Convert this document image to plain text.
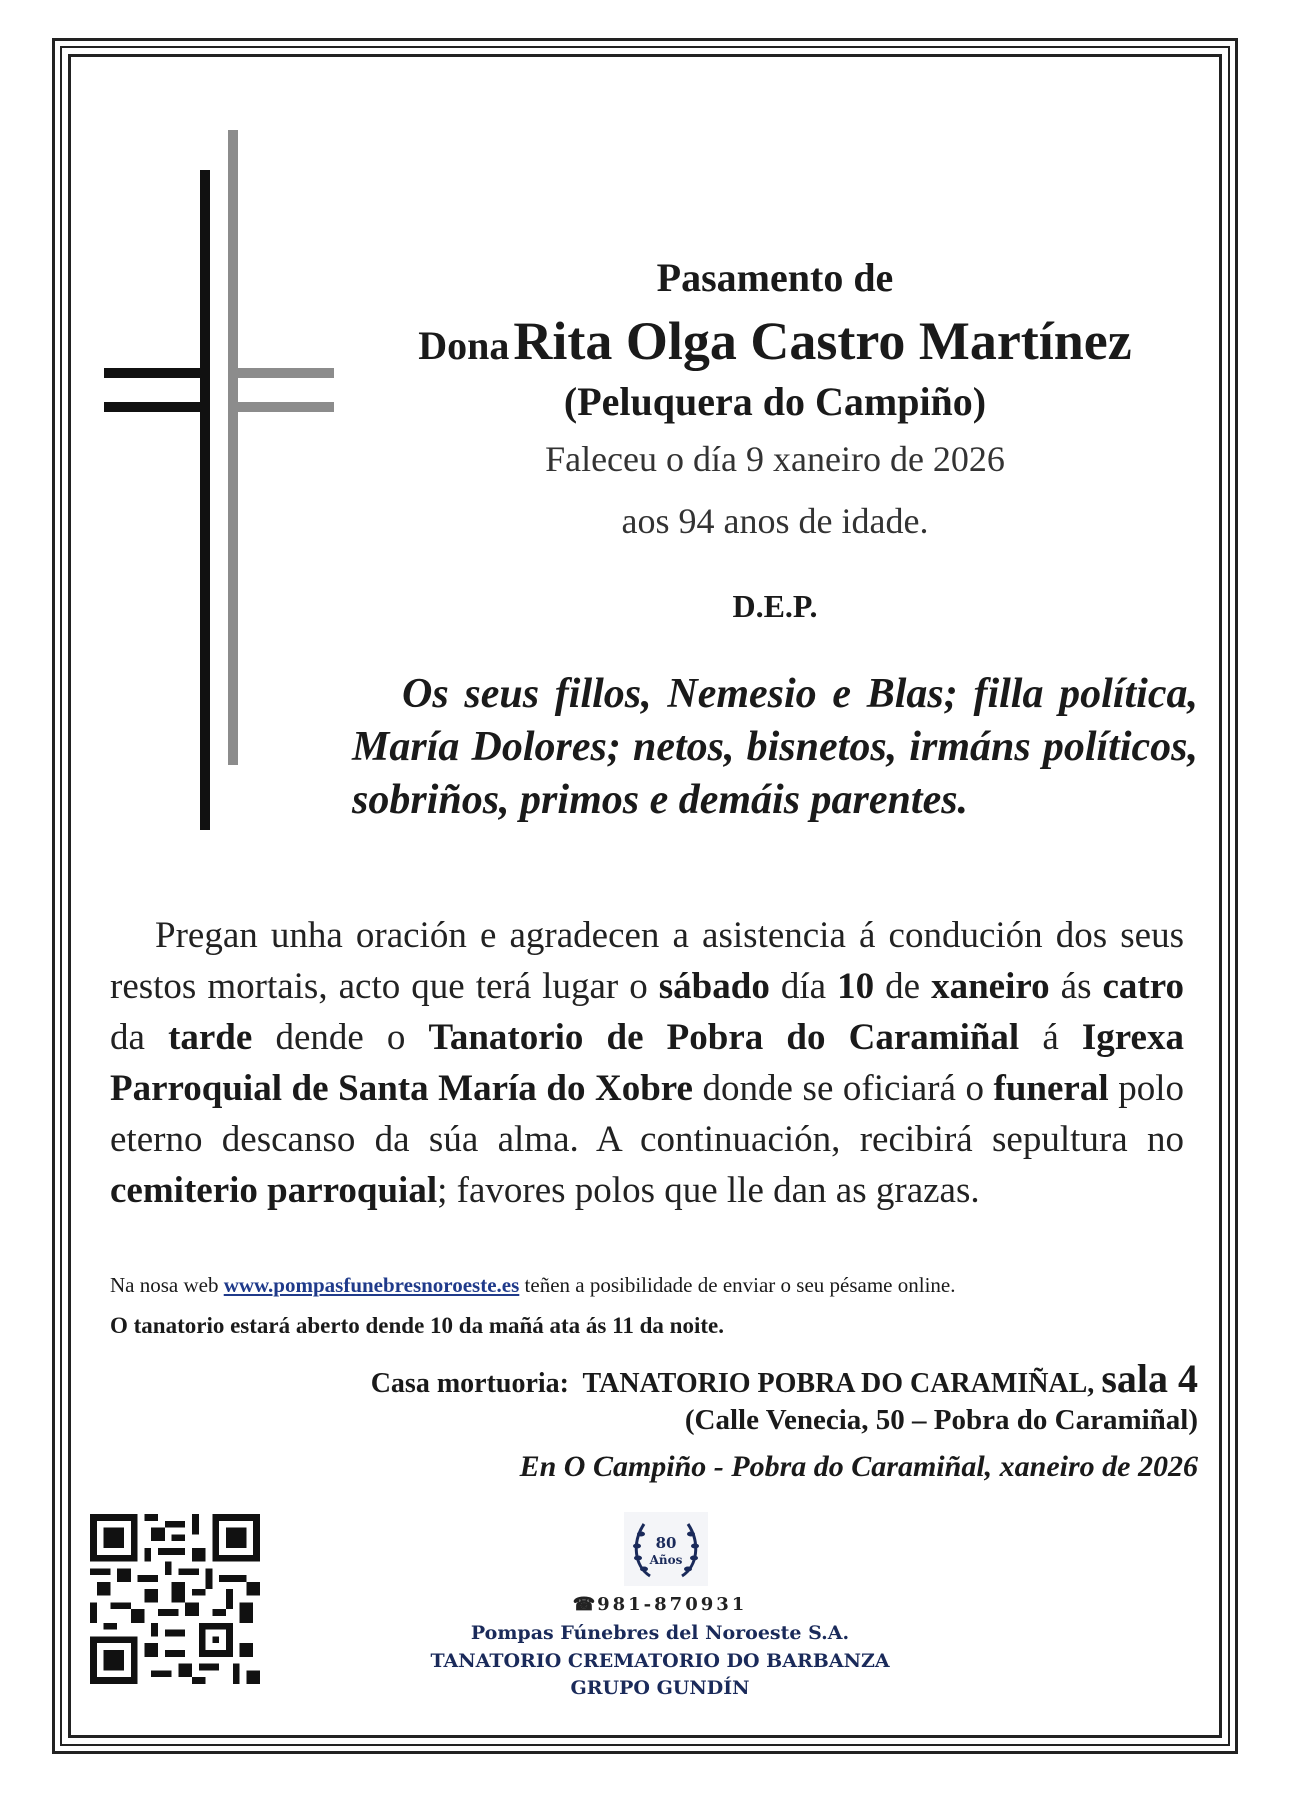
Pasamento de
Dona Rita Olga Castro Martínez
(Peluquera do Campiño)
Faleceu o día 9 xaneiro de 2026
aos 94 anos de idade.
D.E.P.
Os seus fillos, Nemesio e Blas; filla política, María Dolores; netos, bisnetos, irmáns políticos, sobriños, primos e demáis parentes.
Pregan unha oración e agradecen a asistencia á condución dos seus restos mortais, acto que terá lugar o sábado día 10 de xaneiro ás catro da tarde dende o Tanatorio de Pobra do Caramiñal á Igrexa Parroquial de Santa María do Xobre donde se oficiará o funeral polo eterno descanso da súa alma. A continuación, recibirá sepultura no cemiterio parroquial; favores polos que lle dan as grazas.
Na nosa web www.pompasfunebresnoroeste.es teñen a posibilidade de enviar o seu pésame online.
O tanatorio estará aberto dende 10 da mañá ata ás 11 da noite.
Casa mortuoria: TANATORIO POBRA DO CARAMIÑAL, sala 4
(Calle Venecia, 50 – Pobra do Caramiñal)
En O Campiño - Pobra do Caramiñal, xaneiro de 2026
80
Años
☎ 981-870931
Pompas Fúnebres del Noroeste S.A.
TANATORIO CREMATORIO DO BARBANZA
GRUPO GUNDÍN
